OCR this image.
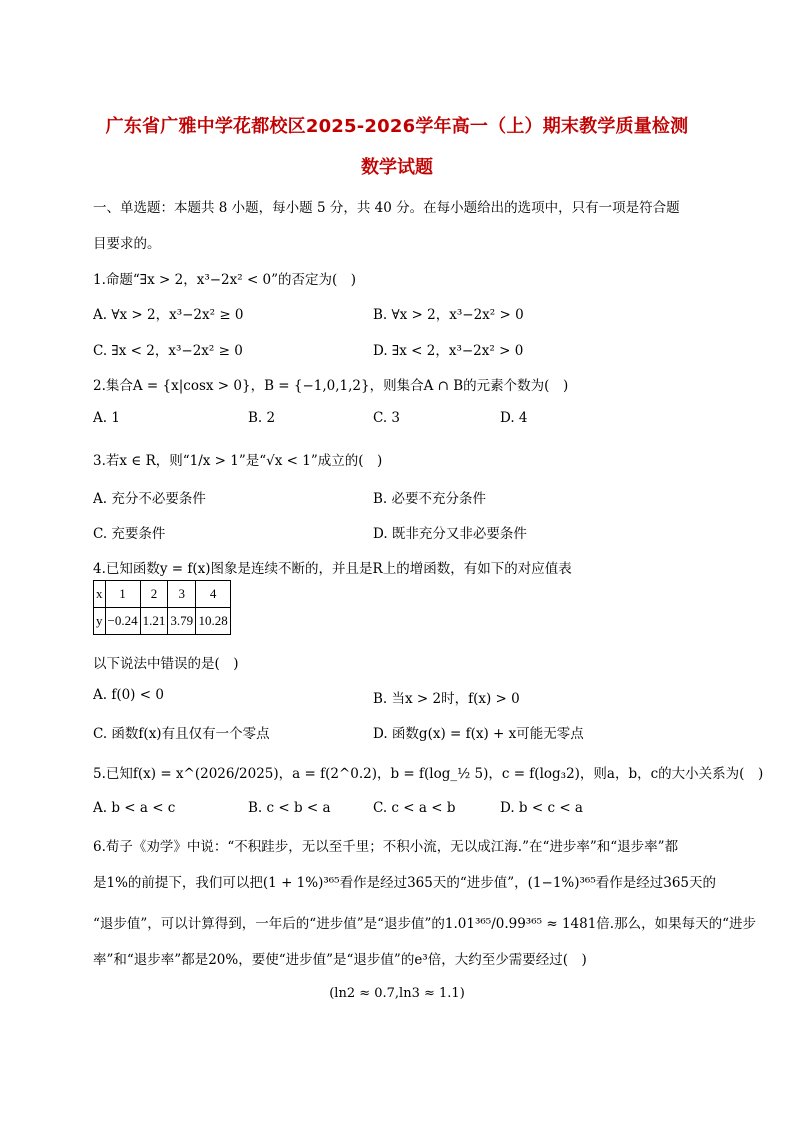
广东省广雅中学花都校区2025-2026学年高一（上）期末教学质量检测
数学试题
一、单选题：本题共 8 小题，每小题 5 分，共 40 分。在每小题给出的选项中，只有一项是符合题
目要求的。
1.命题“∃x > 2，x³−2x² < 0”的否定为(　)
A. ∀x > 2，x³−2x² ≥ 0	B. ∀x > 2，x³−2x² > 0
C. ∃x < 2，x³−2x² ≥ 0	D. ∃x < 2，x³−2x² > 0
2.集合A = {x|cosx > 0}，B = {−1,0,1,2}，则集合A ∩ B的元素个数为(　)
A. 1	B. 2	C. 3	D. 4
3.若x ∈ R，则“1/x > 1”是“√x < 1”成立的(　)
A. 充分不必要条件	B. 必要不充分条件
C. 充要条件	D. 既非充分又非必要条件
4.已知函数y = f(x)图象是连续不断的，并且是R上的增函数，有如下的对应值表
x	1	2	3	4
y	−0.24	1.21	3.79	10.28
以下说法中错误的是(　)
A. f(0) < 0	B. 当x > 2时，f(x) > 0
C. 函数f(x)有且仅有一个零点	D. 函数g(x) = f(x) + x可能无零点
5.已知f(x) = x^(2026/2025)，a = f(2^0.2)，b = f(log_½ 5)，c = f(log₃2)，则a，b，c的大小关系为(　)
A. b < a < c	B. c < b < a	C. c < a < b	D. b < c < a
6.荀子《劝学》中说：“不积跬步，无以至千里；不积小流，无以成江海.”在“进步率”和“退步率”都
是1%的前提下，我们可以把(1 + 1%)³⁶⁵看作是经过365天的“进步值”，(1−1%)³⁶⁵看作是经过365天的
“退步值”，可以计算得到，一年后的“进步值”是“退步值”的1.01³⁶⁵/0.99³⁶⁵ ≈ 1481倍.那么，如果每天的“进步
率”和“退步率”都是20%，要使“进步值”是“退步值”的e³倍，大约至少需要经过(　)
(ln2 ≈ 0.7,ln3 ≈ 1.1)
